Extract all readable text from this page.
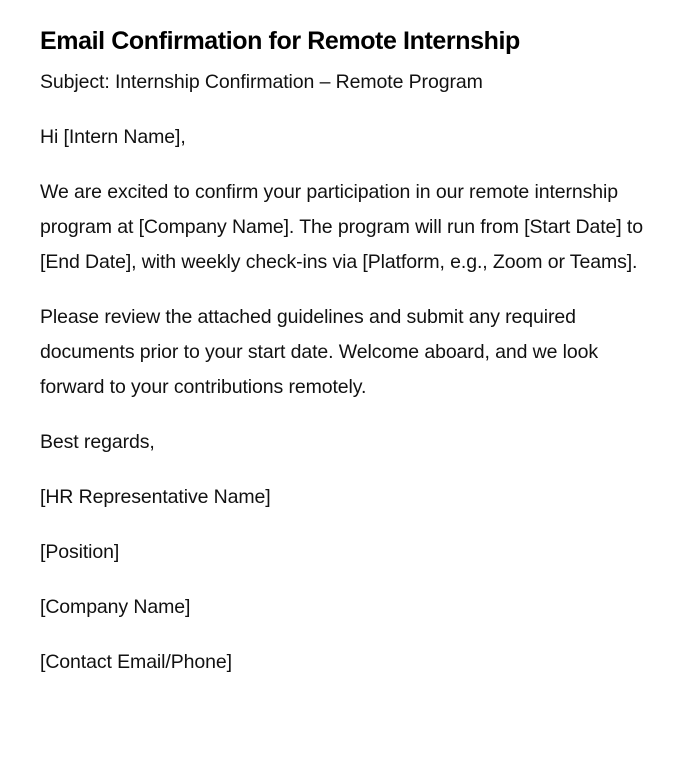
Email Confirmation for Remote Internship

Subject: Internship Confirmation – Remote Program

Hi [Intern Name],

We are excited to confirm your participation in our remote internship program at [Company Name]. The program will run from [Start Date] to [End Date], with weekly check-ins via [Platform, e.g., Zoom or Teams].

Please review the attached guidelines and submit any required documents prior to your start date. Welcome aboard, and we look forward to your contributions remotely.

Best regards,

[HR Representative Name]

[Position]

[Company Name]

[Contact Email/Phone]
